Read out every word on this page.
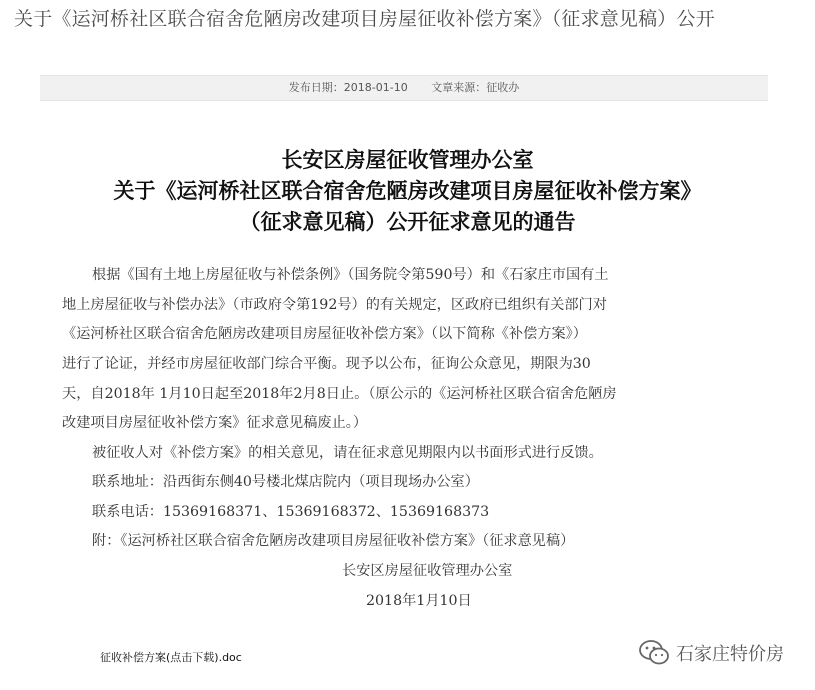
关于《运河桥社区联合宿舍危陋房改建项目房屋征收补偿方案》（征求意见稿）公开
发布日期：2018-01-10 文章来源：征收办
长安区房屋征收管理办公室
关于《运河桥社区联合宿舍危陋房改建项目房屋征收补偿方案》
（征求意见稿）公开征求意见的通告
根据《国有土地上房屋征收与补偿条例》（国务院令第590号）和《石家庄市国有土
地上房屋征收与补偿办法》（市政府令第192号）的有关规定，区政府已组织有关部门对
《运河桥社区联合宿舍危陋房改建项目房屋征收补偿方案》（以下简称《补偿方案》）
进行了论证，并经市房屋征收部门综合平衡。现予以公布，征询公众意见，期限为30
天，自2018年 1月10日起至2018年2月8日止。（原公示的《运河桥社区联合宿舍危陋房
改建项目房屋征收补偿方案》征求意见稿废止。）
被征收人对《补偿方案》的相关意见，请在征求意见期限内以书面形式进行反馈。
联系地址：沿西街东侧40号楼北煤店院内（项目现场办公室）
联系电话：15369168371、15369168372、15369168373
附：《运河桥社区联合宿舍危陋房改建项目房屋征收补偿方案》（征求意见稿）
长安区房屋征收管理办公室
2018年1月10日
征收补偿方案(点击下载).doc	石家庄特价房
